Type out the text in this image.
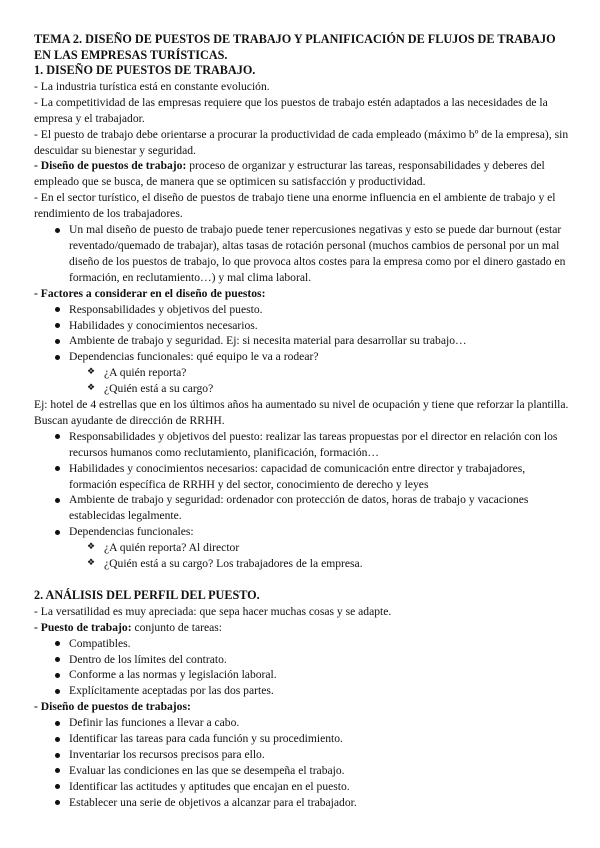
TEMA 2. DISEÑO DE PUESTOS DE TRABAJO Y PLANIFICACIÓN DE FLUJOS DE TRABAJO EN LAS EMPRESAS TURÍSTICAS.

1. DISEÑO DE PUESTOS DE TRABAJO.

- La industria turística está en constante evolución.

- La competitividad de las empresas requiere que los puestos de trabajo estén adaptados a las necesidades de la empresa y el trabajador.

- El puesto de trabajo debe orientarse a procurar la productividad de cada empleado (máximo bº de la empresa), sin descuidar su bienestar y seguridad.

- Diseño de puestos de trabajo: proceso de organizar y estructurar las tareas, responsabilidades y deberes del empleado que se busca, de manera que se optimicen su satisfacción y productividad.

- En el sector turístico, el diseño de puestos de trabajo tiene una enorme influencia en el ambiente de trabajo y el rendimiento de los trabajadores.

Un mal diseño de puesto de trabajo puede tener repercusiones negativas y esto se puede dar burnout (estar reventado/quemado de trabajar), altas tasas de rotación personal (muchos cambios de personal por un mal diseño de los puestos de trabajo, lo que provoca altos costes para la empresa como por el dinero gastado en formación, en reclutamiento…) y mal clima laboral.

- Factores a considerar en el diseño de puestos:

Responsabilidades y objetivos del puesto.
Habilidades y conocimientos necesarios.
Ambiente de trabajo y seguridad. Ej: si necesita material para desarrollar su trabajo…
Dependencias funcionales: qué equipo le va a rodear?
❖ ¿A quién reporta?
❖ ¿Quién está a su cargo?

Ej: hotel de 4 estrellas que en los últimos años ha aumentado su nivel de ocupación y tiene que reforzar la plantilla. Buscan ayudante de dirección de RRHH.

Responsabilidades y objetivos del puesto: realizar las tareas propuestas por el director en relación con los recursos humanos como reclutamiento, planificación, formación…
Habilidades y conocimientos necesarios: capacidad de comunicación entre director y trabajadores, formación específica de RRHH y del sector, conocimiento de derecho y leyes
Ambiente de trabajo y seguridad: ordenador con protección de datos, horas de trabajo y vacaciones establecidas legalmente.
Dependencias funcionales:
❖ ¿A quién reporta? Al director
❖ ¿Quién está a su cargo? Los trabajadores de la empresa.

2. ANÁLISIS DEL PERFIL DEL PUESTO.

- La versatilidad es muy apreciada: que sepa hacer muchas cosas y se adapte.

- Puesto de trabajo: conjunto de tareas:

Compatibles.
Dentro de los límites del contrato.
Conforme a las normas y legislación laboral.
Explícitamente aceptadas por las dos partes.

- Diseño de puestos de trabajos:

Definir las funciones a llevar a cabo.
Identificar las tareas para cada función y su procedimiento.
Inventariar los recursos precisos para ello.
Evaluar las condiciones en las que se desempeña el trabajo.
Identificar las actitudes y aptitudes que encajan en el puesto.
Establecer una serie de objetivos a alcanzar para el trabajador.
